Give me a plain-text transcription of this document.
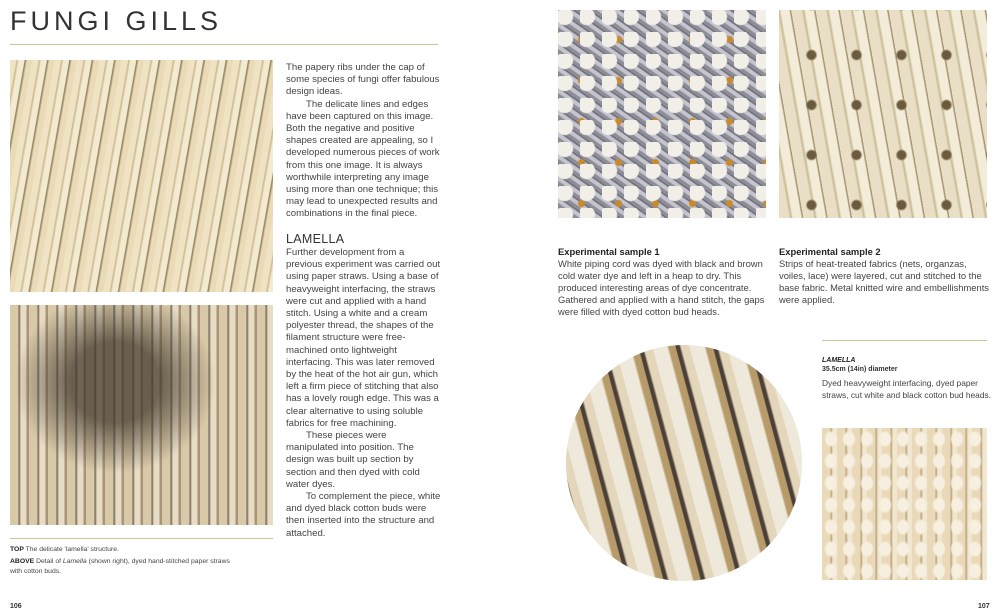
FUNGI GILLS

The papery ribs under the cap of some species of fungi offer fabulous design ideas.

The delicate lines and edges have been captured on this image. Both the negative and positive shapes created are appealing, so I developed numerous pieces of work from this one image. It is always worthwhile interpreting any image using more than one technique; this may lead to unexpected results and combinations in the final piece.

LAMELLA

Further development from a previous experiment was carried out using paper straws. Using a base of heavyweight interfacing, the straws were cut and applied with a hand stitch. Using a white and a cream polyester thread, the shapes of the filament structure were free-machined onto lightweight interfacing. This was later removed by the heat of the hot air gun, which left a firm piece of stitching that also has a lovely rough edge. This was a clear alternative to using soluble fabrics for free machining.

These pieces were manipulated into position. The design was built up section by section and then dyed with cold water dyes.

To complement the piece, white and dyed black cotton buds were then inserted into the structure and attached.

TOP The delicate 'lamella' structure.
ABOVE Detail of Lamella (shown right), dyed hand-stitched paper straws with cotton buds.
106
Experimental sample 1
White piping cord was dyed with black and brown cold water dye and left in a heap to dry. This produced interesting areas of dye concentrate. Gathered and applied with a hand stitch, the gaps were filled with dyed cotton bud heads.
Experimental sample 2
Strips of heat-treated fabrics (nets, organzas, voiles, lace) were layered, cut and stitched to the base fabric. Metal knitted wire and embellishments were applied.
LAMELLA
35.5cm (14in) diameter
Dyed heavyweight interfacing, dyed paper straws, cut white and black cotton bud heads.
107
